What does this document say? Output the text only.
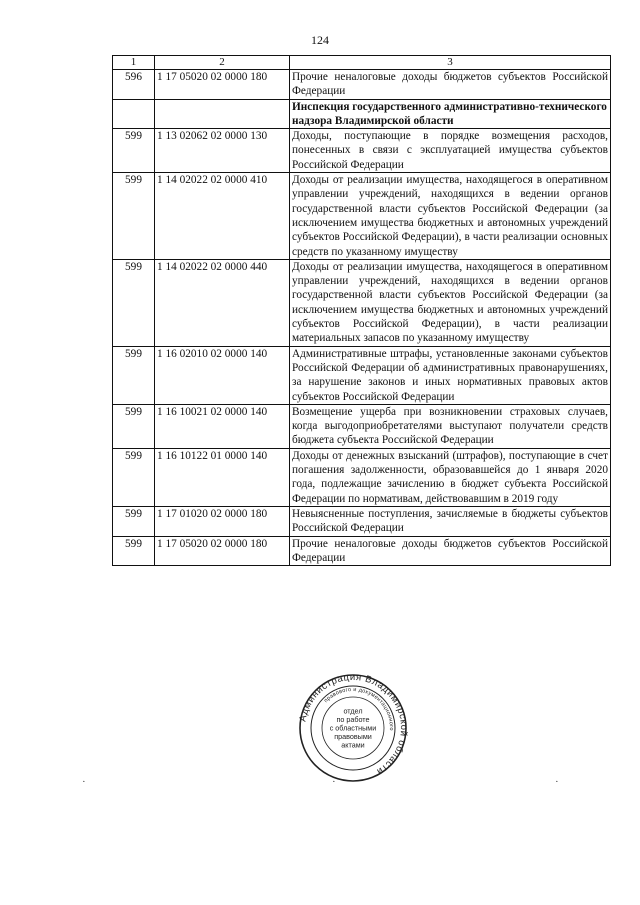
124
1	2	3
596	1 17 05020 02 0000 180	Прочие неналоговые доходы бюджетов субъектов Российской Федерации
		Инспекция государственного административно-технического надзора Владимирской области
599	1 13 02062 02 0000 130	Доходы, поступающие в порядке возмещения расходов, понесенных в связи с эксплуатацией имущества субъектов Российской Федерации
599	1 14 02022 02 0000 410	Доходы от реализации имущества, находящегося в оперативном управлении учреждений, находящихся в ведении органов государственной власти субъектов Российской Федерации (за исключением имущества бюджетных и автономных учреждений субъектов Российской Федерации), в части реализации основных средств по указанному имуществу
599	1 14 02022 02 0000 440	Доходы от реализации имущества, находящегося в оперативном управлении учреждений, находящихся в ведении органов государственной власти субъектов Российской Федерации (за исключением имущества бюджетных и автономных учреждений субъектов Российской Федерации), в части реализации материальных запасов по указанному имуществу
599	1 16 02010 02 0000 140	Административные штрафы, установленные законами субъектов Российской Федерации об административных правонарушениях, за нарушение законов и иных нормативных правовых актов субъектов Российской Федерации
599	1 16 10021 02 0000 140	Возмещение ущерба при возникновении страховых случаев, когда выгодоприобретателями выступают получатели средств бюджета субъекта Российской Федерации
599	1 16 10122 01 0000 140	Доходы от денежных взысканий (штрафов), поступающие в счет погашения задолженности, образовавшейся до 1 января 2020 года, подлежащие зачислению в бюджет субъекта Российской Федерации по нормативам, действовавшим в 2019 году
599	1 17 01020 02 0000 180	Невыясненные поступления, зачисляемые в бюджеты субъектов Российской Федерации
599	1 17 05020 02 0000 180	Прочие неналоговые доходы бюджетов субъектов Российской Федерации
Администрация Владимирской области
правового и документационного
отдел
по работе
с областными
правовыми
актами
·	·	·
